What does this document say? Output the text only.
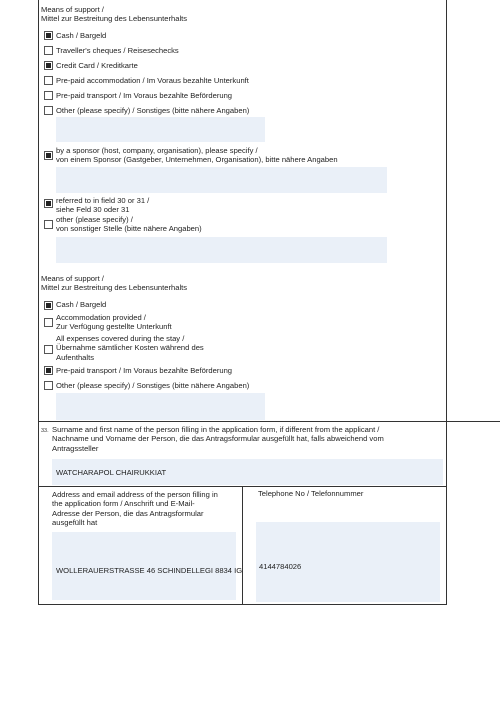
Means of support /
Mittel zur Bestreitung des Lebensunterhalts
Cash / Bargeld
Traveller's cheques / Reisesechecks
Credit Card / Kreditkarte
Pre-paid accommodation / Im Voraus bezahlte Unterkunft
Pre-paid transport / Im Voraus bezahlte Beförderung
Other (please specify) / Sonstiges (bitte nähere Angaben)
by a sponsor (host, company, organisation), please specify /
von einem Sponsor (Gastgeber, Unternehmen, Organisation), bitte nähere Angaben
referred to in field 30 or 31 /
siehe Feld 30 oder 31
other (please specify) /
von sonstiger Stelle (bitte nähere Angaben)
Means of support /
Mittel zur Bestreitung des Lebensunterhalts
Cash / Bargeld
Accommodation provided /
Zur Verfügung gestellte Unterkunft
All expenses covered during the stay /
Übernahme sämtlicher Kosten während des
Aufenthalts
Pre-paid transport / Im Voraus bezahlte Beförderung
Other (please specify) / Sonstiges (bitte nähere Angaben)
33. Surname and first name of the person filling in the application form, if different from the applicant /
Nachname und Vorname der Person, die das Antragsformular ausgefüllt hat, falls abweichend vom
Antragssteller
WATCHARAPOL CHAIRUKKIAT
Address and email address of the person filling in
the application form / Anschrift und E-Mail-
Adresse der Person, die das Antragsformular
ausgefüllt hat
WOLLERAUERSTRASSE 46 SCHINDELLEGI 8834 IG
Telephone No / Telefonnummer
4144784026
